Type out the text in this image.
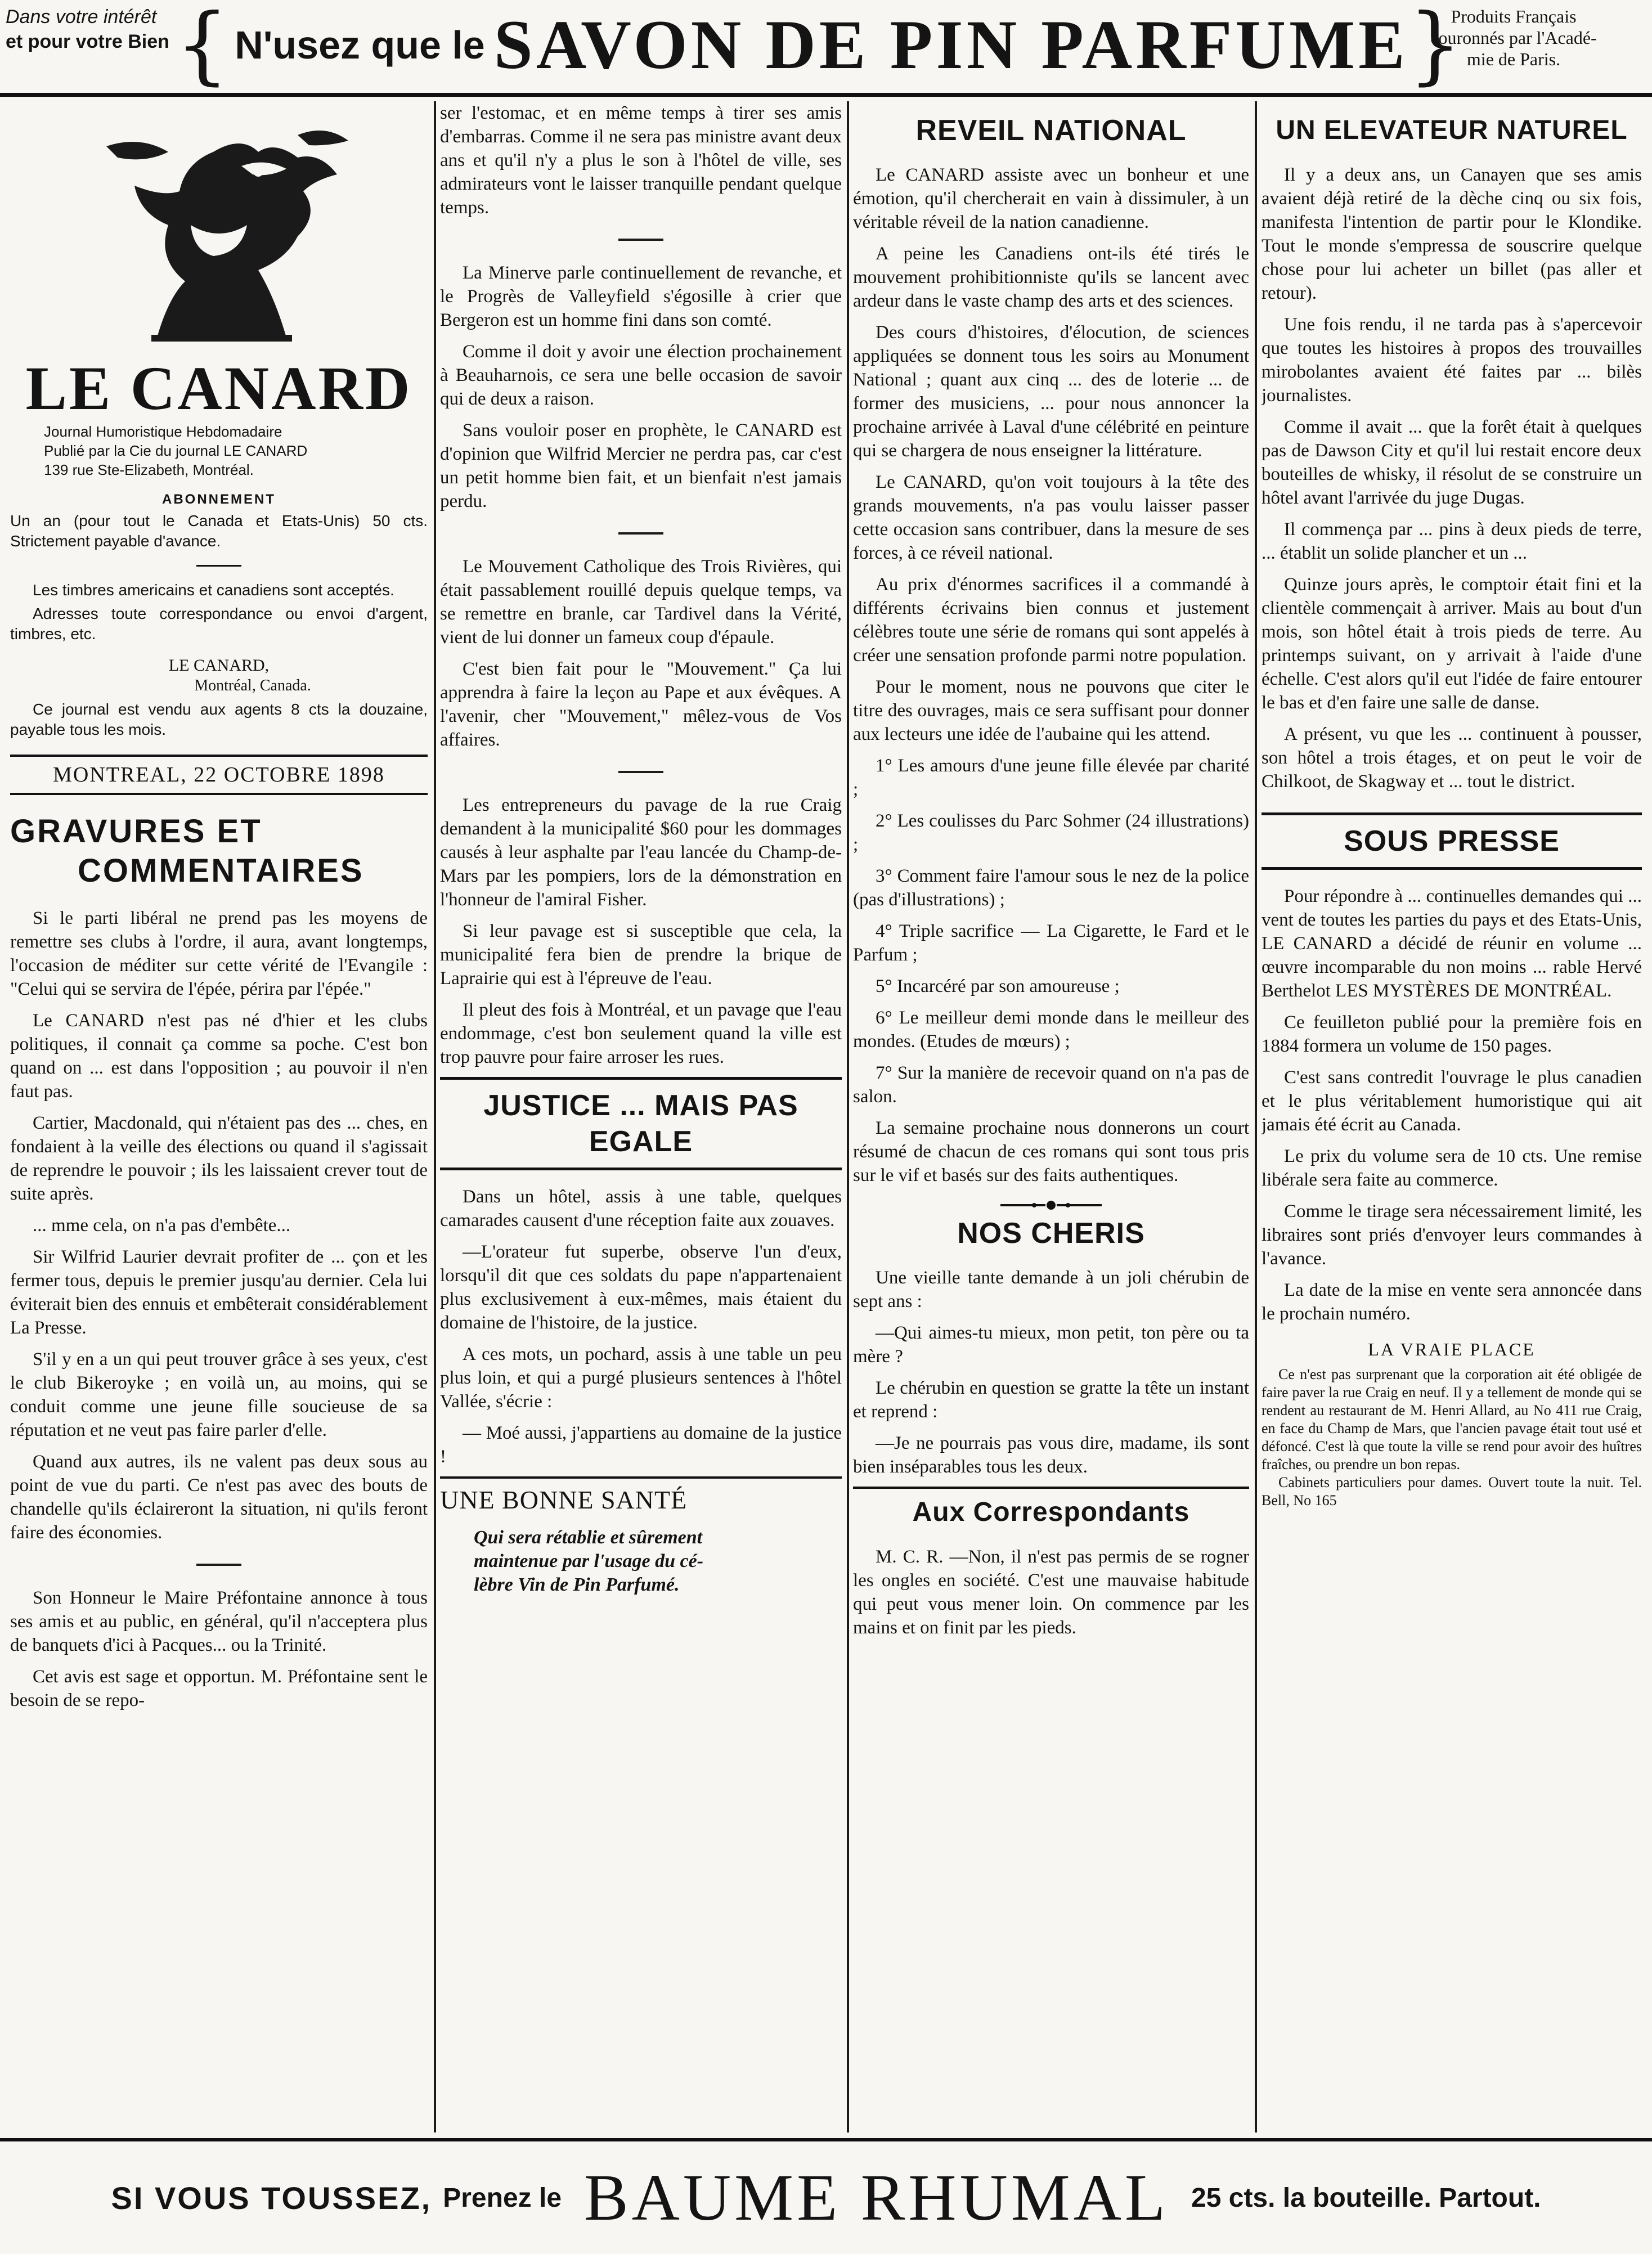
Dans votre intérêt
et pour votre Bien { N'usez que le SAVON DE PIN PARFUME }
Produits Français
couronnés par l'Acadé-
mie de Paris.
LE CANARD
Journal Humoristique Hebdomadaire
Publié par la Cie du journal LE CANARD
139 rue Ste-Elizabeth, Montréal.
ABONNEMENT
Un an (pour tout le Canada et Etats-Unis) 50 cts. Strictement payable d'avance.
Les timbres americains et canadiens sont acceptés.
Adresses toute correspondance ou envoi d'argent, timbres, etc.
LE CANARD,
Montréal, Canada.
Ce journal est vendu aux agents 8 cts la douzaine, payable tous les mois.
MONTREAL, 22 OCTOBRE 1898
GRAVURES ET
COMMENTAIRES

Si le parti libéral ne prend pas les moyens de remettre ses clubs à l'ordre, il aura, avant longtemps, l'occasion de méditer sur cette vérité de l'Evangile : "Celui qui se servira de l'épée, périra par l'épée."

Le CANARD n'est pas né d'hier et les clubs politiques, il connait ça comme sa poche. C'est bon quand on ... est dans l'opposition ; au pouvoir il n'en faut pas.

Cartier, Macdonald, qui n'étaient pas des ... ches, en fondaient à la veille des élections ou quand il s'agissait de reprendre le pouvoir ; ils les laissaient crever tout de suite après.

... mme cela, on n'a pas d'embête...

Sir Wilfrid Laurier devrait profiter de ... çon et les fermer tous, depuis le premier jusqu'au dernier. Cela lui éviterait bien des ennuis et embêterait considérablement La Presse.

S'il y en a un qui peut trouver grâce à ses yeux, c'est le club Bikeroyke ; en voilà un, au moins, qui se conduit comme une jeune fille soucieuse de sa réputation et ne veut pas faire parler d'elle.

Quand aux autres, ils ne valent pas deux sous au point de vue du parti. Ce n'est pas avec des bouts de chandelle qu'ils éclaireront la situation, ni qu'ils feront faire des économies.

Son Honneur le Maire Préfontaine annonce à tous ses amis et au public, en général, qu'il n'acceptera plus de banquets d'ici à Pacques... ou la Trinité.

Cet avis est sage et opportun. M. Préfontaine sent le besoin de se repo-

ser l'estomac, et en même temps à tirer ses amis d'embarras. Comme il ne sera pas ministre avant deux ans et qu'il n'y a plus le son à l'hôtel de ville, ses admirateurs vont le laisser tranquille pendant quelque temps.

La Minerve parle continuellement de revanche, et le Progrès de Valleyfield s'égosille à crier que Bergeron est un homme fini dans son comté.

Comme il doit y avoir une élection prochainement à Beauharnois, ce sera une belle occasion de savoir qui de deux a raison.

Sans vouloir poser en prophète, le CANARD est d'opinion que Wilfrid Mercier ne perdra pas, car c'est un petit homme bien fait, et un bienfait n'est jamais perdu.

Le Mouvement Catholique des Trois Rivières, qui était passablement rouillé depuis quelque temps, va se remettre en branle, car Tardivel dans la Vérité, vient de lui donner un fameux coup d'épaule.

C'est bien fait pour le "Mouvement." Ça lui apprendra à faire la leçon au Pape et aux évêques. A l'avenir, cher "Mouvement," mêlez-vous de Vos affaires.

Les entrepreneurs du pavage de la rue Craig demandent à la municipalité $60 pour les dommages causés à leur asphalte par l'eau lancée du Champ-de-Mars par les pompiers, lors de la démonstration en l'honneur de l'amiral Fisher.

Si leur pavage est si susceptible que cela, la municipalité fera bien de prendre la brique de Laprairie qui est à l'épreuve de l'eau.

Il pleut des fois à Montréal, et un pavage que l'eau endommage, c'est bon seulement quand la ville est trop pauvre pour faire arroser les rues.

JUSTICE ... MAIS PAS EGALE

Dans un hôtel, assis à une table, quelques camarades causent d'une réception faite aux zouaves.

—L'orateur fut superbe, observe l'un d'eux, lorsqu'il dit que ces soldats du pape n'appartenaient plus exclusivement à eux-mêmes, mais étaient du domaine de l'histoire, de la justice.

A ces mots, un pochard, assis à une table un peu plus loin, et qui a purgé plusieurs sentences à l'hôtel Vallée, s'écrie :

— Moé aussi, j'appartiens au domaine de la justice !

UNE BONNE SANTÉ
Qui sera rétablie et sûrement
maintenue par l'usage du cé-
lèbre Vin de Pin Parfumé.
REVEIL NATIONAL

Le CANARD assiste avec un bonheur et une émotion, qu'il chercherait en vain à dissimuler, à un véritable réveil de la nation canadienne.

A peine les Canadiens ont-ils été tirés le mouvement prohibitionniste qu'ils se lancent avec ardeur dans le vaste champ des arts et des sciences.

Des cours d'histoires, d'élocution, de sciences appliquées se donnent tous les soirs au Monument National ; quant aux cinq ... des de loterie ... de former des musiciens, ... pour nous annoncer la prochaine arrivée à Laval d'une célébrité en peinture qui se chargera de nous enseigner la littérature.

Le CANARD, qu'on voit toujours à la tête des grands mouvements, n'a pas voulu laisser passer cette occasion sans contribuer, dans la mesure de ses forces, à ce réveil national.

Au prix d'énormes sacrifices il a commandé à différents écrivains bien connus et justement célèbres toute une série de romans qui sont appelés à créer une sensation profonde parmi notre population.

Pour le moment, nous ne pouvons que citer le titre des ouvrages, mais ce sera suffisant pour donner aux lecteurs une idée de l'aubaine qui les attend.

1° Les amours d'une jeune fille élevée par charité ;

2° Les coulisses du Parc Sohmer (24 illustrations) ;

3° Comment faire l'amour sous le nez de la police (pas d'illustrations) ;

4° Triple sacrifice — La Cigarette, le Fard et le Parfum ;

5° Incarcéré par son amoureuse ;

6° Le meilleur demi monde dans le meilleur des mondes. (Etudes de mœurs) ;

7° Sur la manière de recevoir quand on n'a pas de salon.

La semaine prochaine nous donnerons un court résumé de chacun de ces romans qui sont tous pris sur le vif et basés sur des faits authentiques.

NOS CHERIS

Une vieille tante demande à un joli chérubin de sept ans :

—Qui aimes-tu mieux, mon petit, ton père ou ta mère ?

Le chérubin en question se gratte la tête un instant et reprend :

—Je ne pourrais pas vous dire, madame, ils sont bien inséparables tous les deux.

Aux Correspondants

M. C. R. —Non, il n'est pas permis de se rogner les ongles en société. C'est une mauvaise habitude qui peut vous mener loin. On commence par les mains et on finit par les pieds.

UN ELEVATEUR NATUREL

Il y a deux ans, un Canayen que ses amis avaient déjà retiré de la dèche cinq ou six fois, manifesta l'intention de partir pour le Klondike. Tout le monde s'empressa de souscrire quelque chose pour lui acheter un billet (pas aller et retour).

Une fois rendu, il ne tarda pas à s'apercevoir que toutes les histoires à propos des trouvailles mirobolantes avaient été faites par ... bilès journalistes.

Comme il avait ... que la forêt était à quelques pas de Dawson City et qu'il lui restait encore deux bouteilles de whisky, il résolut de se construire un hôtel avant l'arrivée du juge Dugas.

Il commença par ... pins à deux pieds de terre, ... établit un solide plancher et un ...

Quinze jours après, le comptoir était fini et la clientèle commençait à arriver. Mais au bout d'un mois, son hôtel était à trois pieds de terre. Au printemps suivant, on y arrivait à l'aide d'une échelle. C'est alors qu'il eut l'idée de faire entourer le bas et d'en faire une salle de danse.

A présent, vu que les ... continuent à pousser, son hôtel a trois étages, et on peut le voir de Chilkoot, de Skagway et ... tout le district.

SOUS PRESSE

Pour répondre à ... continuelles demandes qui ... vent de toutes les parties du pays et des Etats-Unis, LE CANARD a décidé de réunir en volume ... œuvre incomparable du non moins ... rable Hervé Berthelot LES MYSTÈRES DE MONTRÉAL.

Ce feuilleton publié pour la première fois en 1884 formera un volume de 150 pages.

C'est sans contredit l'ouvrage le plus canadien et le plus véritablement humoristique qui ait jamais été écrit au Canada.

Le prix du volume sera de 10 cts. Une remise libérale sera faite au commerce.

Comme le tirage sera nécessairement limité, les libraires sont priés d'envoyer leurs commandes à l'avance.

La date de la mise en vente sera annoncée dans le prochain numéro.

LA VRAIE PLACE

Ce n'est pas surprenant que la corporation ait été obligée de faire paver la rue Craig en neuf. Il y a tellement de monde qui se rendent au restaurant de M. Henri Allard, au No 411 rue Craig, en face du Champ de Mars, que l'ancien pavage était tout usé et défoncé. C'est là que toute la ville se rend pour avoir des huîtres fraîches, ou prendre un bon repas.

Cabinets particuliers pour dames. Ouvert toute la nuit. Tel. Bell, No 165

SI VOUS TOUSSEZ, Prenez le BAUME RHUMAL 25 cts. la bouteille. Partout.
